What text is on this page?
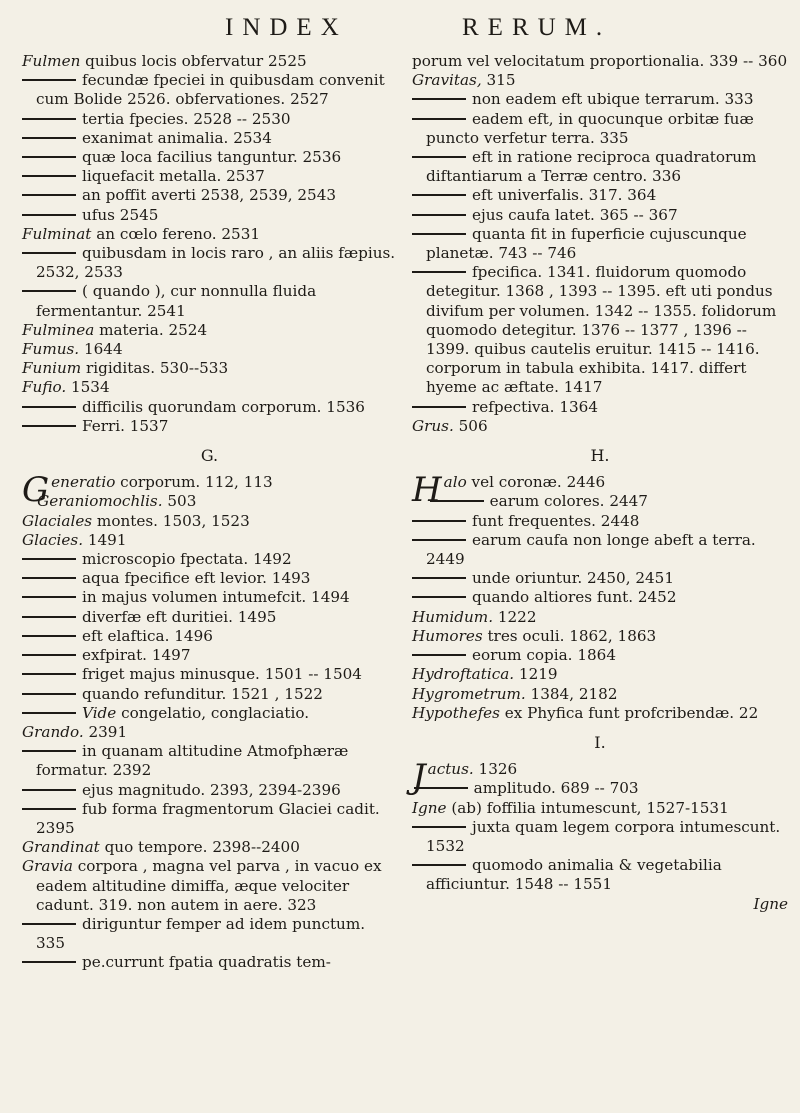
INDEX	RERUM.

Fulmen quibus locis obfervatur 2525

fecundæ fpeciei in quibusdam convenit cum Bolide 2526. obfervationes. 2527

tertia fpecies. 2528 -- 2530

exanimat animalia. 2534

quæ loca facilius tanguntur. 2536

liquefacit metalla. 2537

an poffit averti 2538, 2539, 2543

ufus 2545

Fulminat an cœlo fereno. 2531

quibusdam in locis raro , an aliis fæpius. 2532, 2533

( quando ), cur nonnulla fluida fermentantur. 2541

Fulminea materia. 2524

Fumus. 1644

Funium rigiditas. 530--533

Fufio. 1534

difficilis quorundam corporum. 1536

Ferri. 1537

G.

Generatio corporum. 112, 113

Geraniomochlis. 503

Glaciales montes. 1503, 1523

Glacies. 1491

microscopio fpectata. 1492

aqua fpecifice eft levior. 1493

in majus volumen intumefcit. 1494

diverfæ eft duritiei. 1495

eft elaftica. 1496

exfpirat. 1497

friget majus minusque. 1501 -- 1504

quando refunditur. 1521 , 1522

Vide congelatio, conglaciatio.

Grando. 2391

in quanam altitudine Atmofphæræ formatur. 2392

ejus magnitudo. 2393, 2394-2396

fub forma fragmentorum Glaciei cadit. 2395

Grandinat quo tempore. 2398--2400

Gravia corpora , magna vel parva , in vacuo ex eadem altitudine dimiffa, æque velociter cadunt. 319. non autem in aere. 323

diriguntur femper ad idem punctum. 335

pe.currunt fpatia quadratis tem-

porum vel velocitatum proportionalia. 339 -- 360

Gravitas, 315

non eadem eft ubique terrarum. 333

eadem eft, in quocunque orbitæ fuæ puncto verfetur terra. 335

eft in ratione reciproca quadratorum diftantiarum a Terræ centro. 336

eft univerfalis. 317. 364

ejus caufa latet. 365 -- 367

quanta fit in fuperficie cujuscunque planetæ. 743 -- 746

fpecifica. 1341. fluidorum quomodo detegitur. 1368 , 1393 -- 1395. eft uti pondus divifum per volumen. 1342 -- 1355. folidorum quomodo detegitur. 1376 -- 1377 , 1396 -- 1399. quibus cautelis eruitur. 1415 -- 1416. corporum in tabula exhibita. 1417. differt hyeme ac æftate. 1417

refpectiva. 1364

Grus. 506

H.

Halo vel coronæ. 2446

earum colores. 2447

funt frequentes. 2448

earum caufa non longe abeft a terra. 2449

unde oriuntur. 2450, 2451

quando altiores funt. 2452

Humidum. 1222

Humores tres oculi. 1862, 1863

eorum copia. 1864

Hydroftatica. 1219

Hygrometrum. 1384, 2182

Hypothefes ex Phyfica funt profcribendæ. 22

I.

Jactus. 1326

amplitudo. 689 -- 703

Igne (ab) foffilia intumescunt, 1527-1531

juxta quam legem corpora intumescunt. 1532

quomodo animalia & vegetabilia afficiuntur. 1548 -- 1551

Igne
